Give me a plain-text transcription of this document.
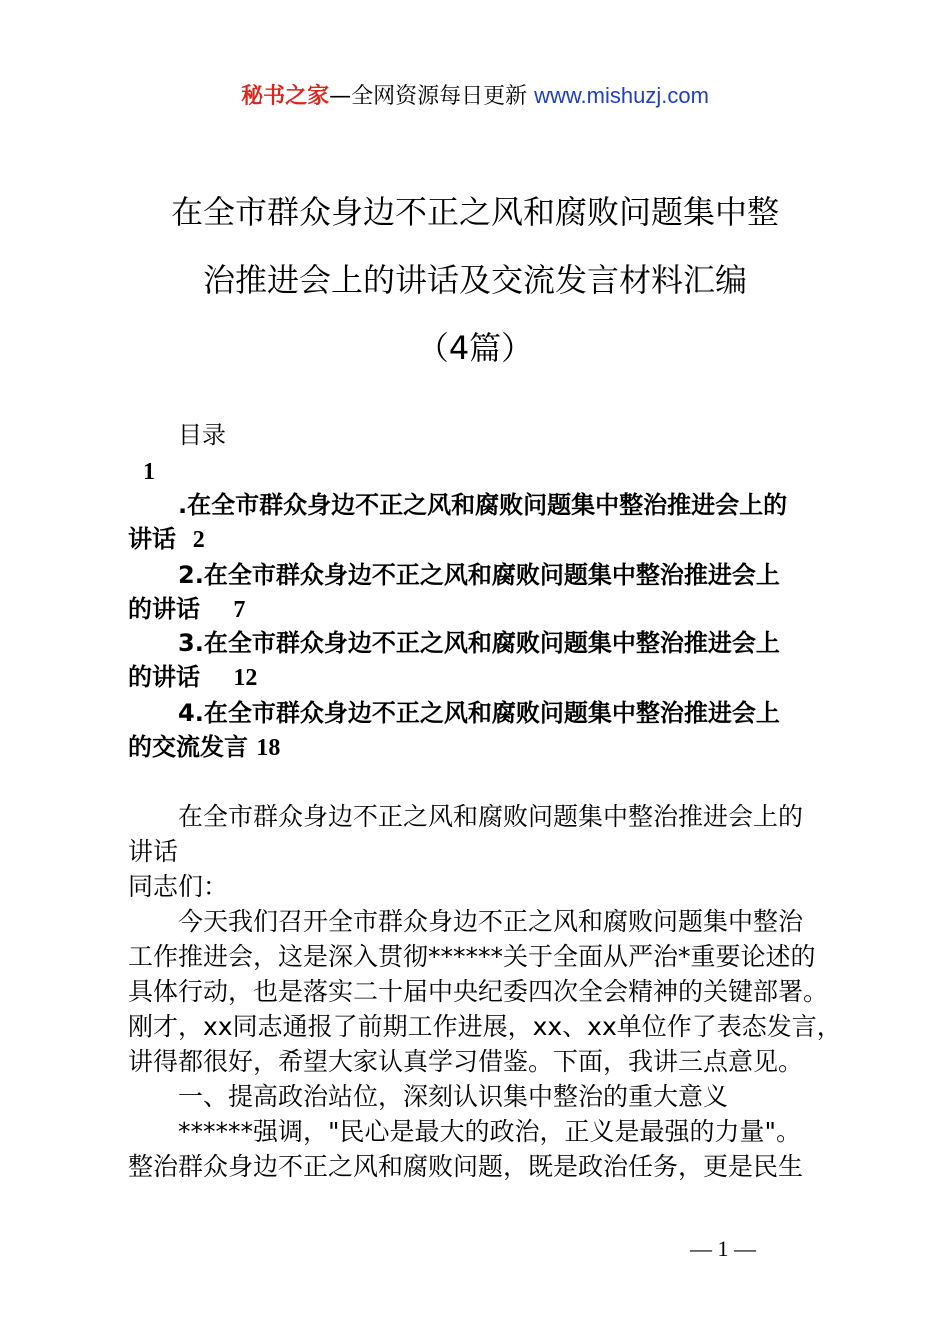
秘书之家—全网资源每日更新 www.mishuzj.com
在全市群众身边不正之风和腐败问题集中整
治推进会上的讲话及交流发言材料汇编
（4篇）
目录
1
.在全市群众身边不正之风和腐败问题集中整治推进会上的
讲话 2
2.在全市群众身边不正之风和腐败问题集中整治推进会上
的讲话 7
3.在全市群众身边不正之风和腐败问题集中整治推进会上
的讲话 12
4.在全市群众身边不正之风和腐败问题集中整治推进会上
的交流发言 18
在全市群众身边不正之风和腐败问题集中整治推进会上的
讲话
同志们：
今天我们召开全市群众身边不正之风和腐败问题集中整治
工作推进会，这是深入贯彻******关于全面从严治*重要论述的
具体行动，也是落实二十届中央纪委四次全会精神的关键部署。
刚才，xx同志通报了前期工作进展，xx、xx单位作了表态发言，
讲得都很好，希望大家认真学习借鉴。下面，我讲三点意见。
一、提高政治站位，深刻认识集中整治的重大意义
******强调，"民心是最大的政治，正义是最强的力量"。
整治群众身边不正之风和腐败问题，既是政治任务，更是民生
— 1 —
